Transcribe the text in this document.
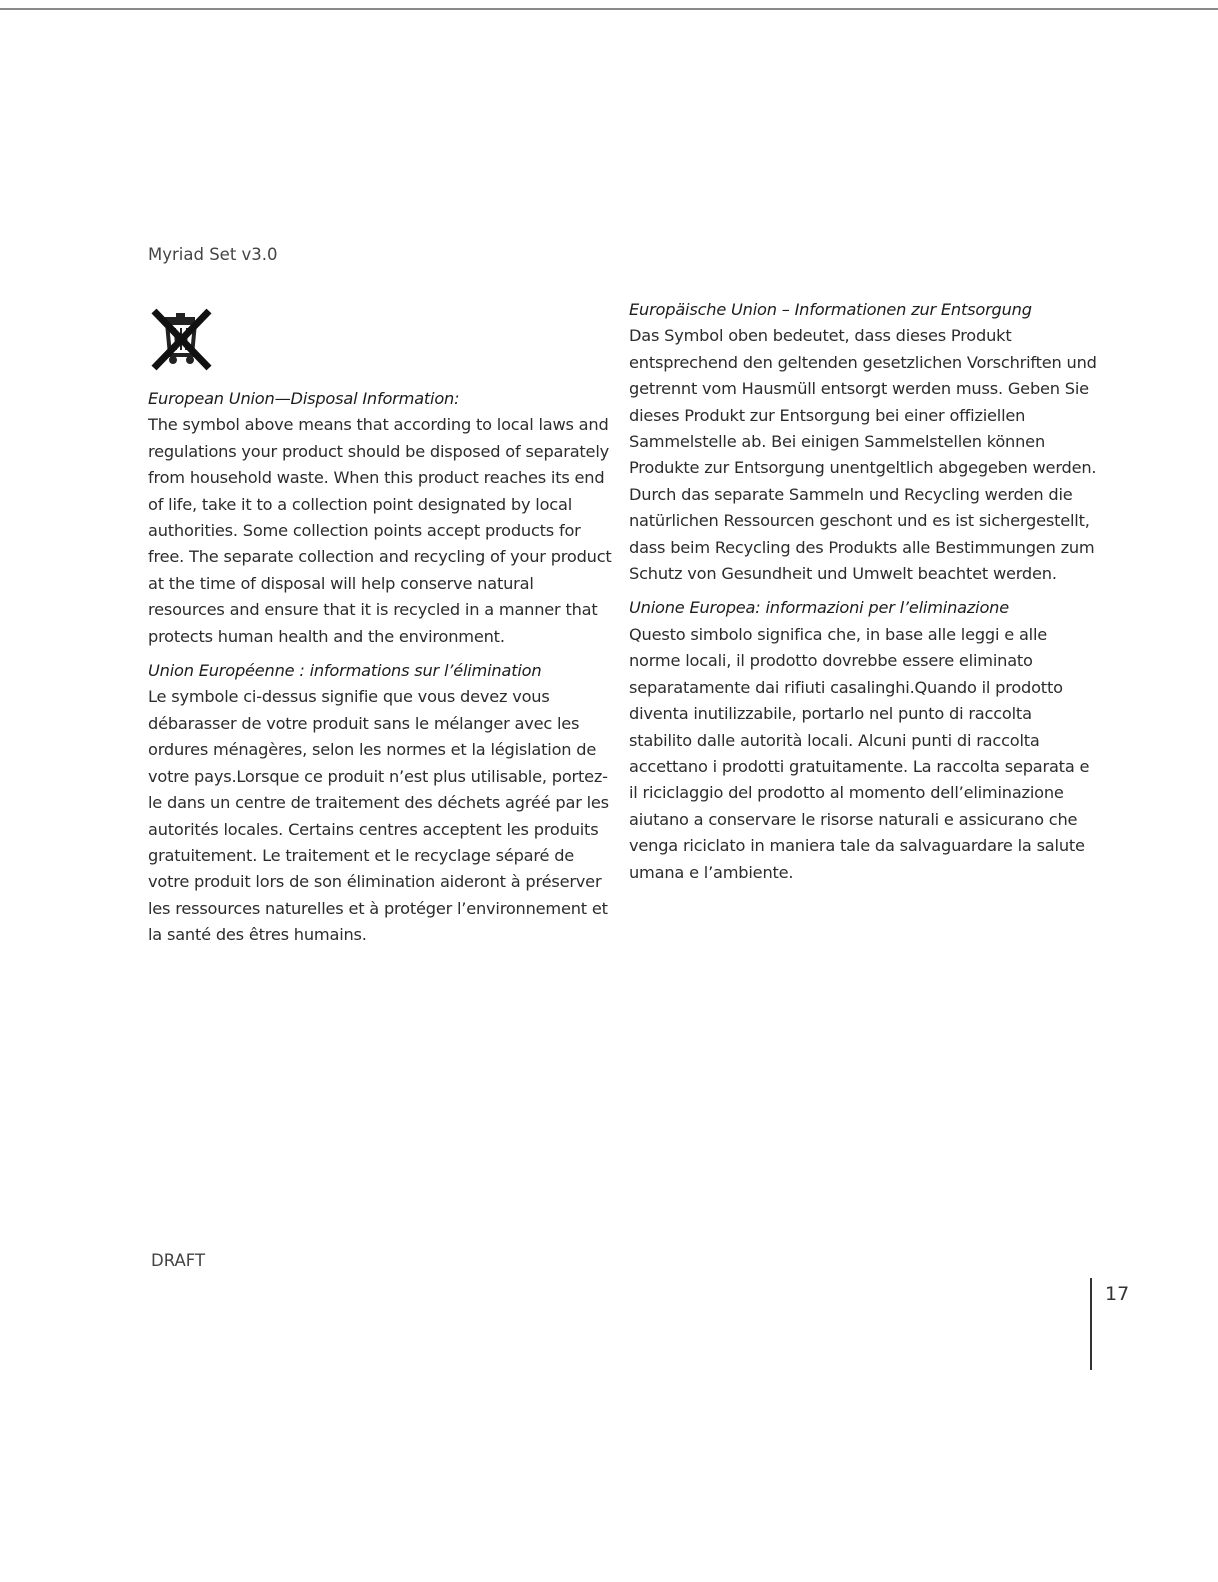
Myriad Set v3.0
European Union—Disposal Information:

The symbol above means that according to local laws and regulations your product should be disposed of separately from household waste. When this product reaches its end of life, take it to a collection point designated by local authorities. Some collection points accept products for free. The separate collection and recycling of your product at the time of disposal will help conserve natural resources and ensure that it is recycled in a manner that protects human health and the environment.

Union Européenne : informations sur l’élimination

Le symbole ci-dessus signifie que vous devez vous débarasser de votre produit sans le mélanger avec les ordures ménagères, selon les normes et la législation de votre pays.Lorsque ce produit n’est plus utilisable, portez-le dans un centre de traitement des déchets agréé par les autorités locales. Certains centres acceptent les produits gratuitement. Le traitement et le recyclage séparé de votre produit lors de son élimination aideront à préserver les ressources naturelles et à protéger l’environnement et la santé des êtres humains.

Europäische Union – Informationen zur Entsorgung

Das Symbol oben bedeutet, dass dieses Produkt entsprechend den geltenden gesetzlichen Vorschriften und getrennt vom Hausmüll entsorgt werden muss. Geben Sie dieses Produkt zur Entsorgung bei einer offiziellen Sammelstelle ab. Bei einigen Sammelstellen können Produkte zur Entsorgung unentgeltlich abgegeben werden. Durch das separate Sammeln und Recycling werden die natürlichen Ressourcen geschont und es ist sichergestellt, dass beim Recycling des Produkts alle Bestimmungen zum Schutz von Gesundheit und Umwelt beachtet werden.

Unione Europea: informazioni per l’eliminazione

Questo simbolo significa che, in base alle leggi e alle norme locali, il prodotto dovrebbe essere eliminato separatamente dai rifiuti casalinghi.Quando il prodotto diventa inutilizzabile, portarlo nel punto di raccolta stabilito dalle autorità locali. Alcuni punti di raccolta accettano i prodotti gratuitamente. La raccolta separata e il riciclaggio del prodotto al momento dell’eliminazione aiutano a conservare le risorse naturali e assicurano che venga riciclato in maniera tale da salvaguardare la salute umana e l’ambiente.

DRAFT
17
